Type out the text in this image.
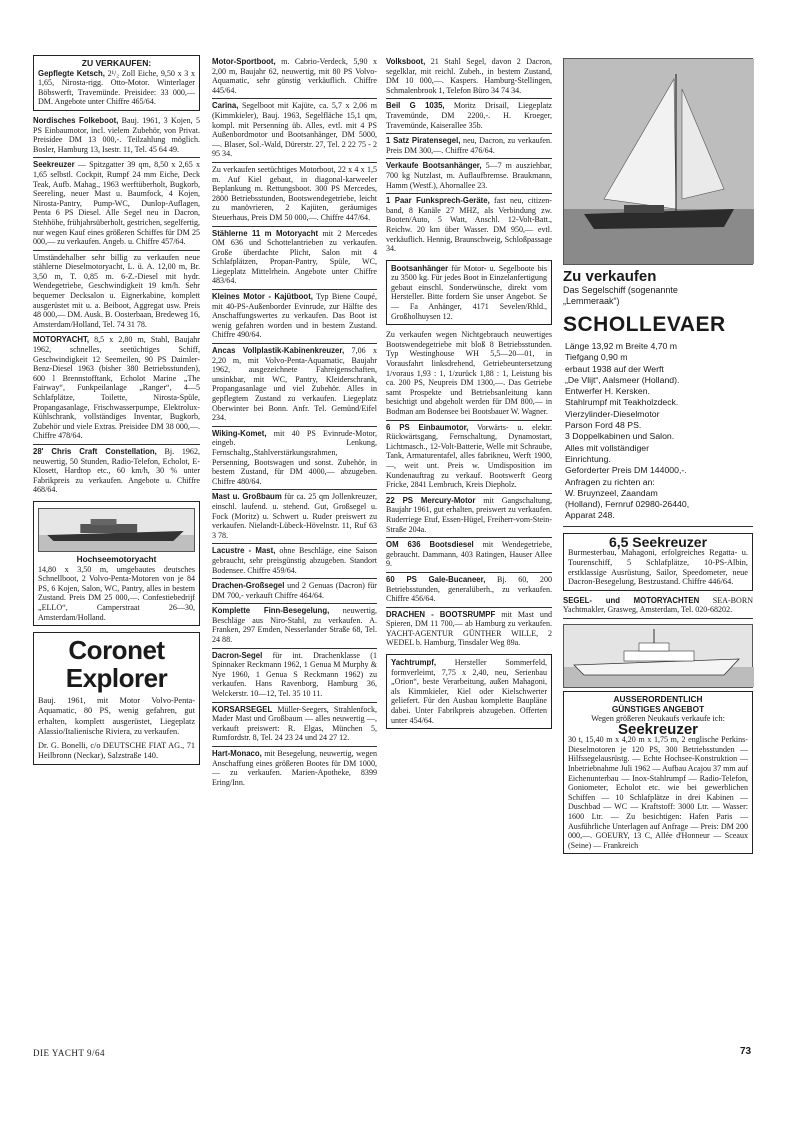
ZU VERKAUFEN:
Gepflegte Ketsch, 2¹/₂ Zoll Eiche, 9,50 x 3 x 1,65, Nirosta-rigg. Otto-Motor. Winterlager Böbswerft, Travemünde. Preisidee: 33 000,— DM. Angebote unter Chiffre 465/64.
Nordisches Folkeboot, Bauj. 1961, 3 Kojen, 5 PS Einbaumotor, incl. vielem Zubehör, von Privat. Preisidee DM 13 000,-. Teilzahlung möglich. Bosler, Hamburg 13, Isestr. 11, Tel. 45 64 49.
Seekreuzer — Spitzgatter 39 qm, 8,50 x 2,65 x 1,65 selbstl. Cockpit, Rumpf 24 mm Eiche, Deck Teak, Aufb. Mahag., 1963 werftüberholt, Bugkorb, Seereling, neuer Mast u. Baumfock, 4 Kojen, Nirosta-Pantry, Pump-WC, Dunlop-Auflagen, Penta 6 PS Diesel. Alle Segel neu in Dacron, Stehhöhe, frühjahrsüberholt, gestrichen, segelfertig, nur wegen Kauf eines größeren Schiffes für DM 25 000,— zu verkaufen. Angeb. u. Chiffre 457/64.
Umständehalber sehr billig zu verkaufen neue stählerne Dieselmotoryacht, L. ü. A. 12,00 m, Br. 3,50 m, T. 0,85 m. 6-Z.-Diesel mit hydr. Wendegetriebe, Geschwindigkeit 19 km/h. Sehr bequemer Decksalon u. Eignerkabine, komplett ausgerüstet mit u. a. Beiboot, Aggregat usw. Preis 48 000,— DM. Ausk. B. Oosterbaan, Bredeweg 16, Amsterdam/Holland, Tel. 74 31 78.
MOTORYACHT, 8,5 x 2,80 m, Stahl, Baujahr 1962, schnelles, seetüchtiges Schiff, Geschwindigkeit 12 Seemeilen, 90 PS Daimler-Benz-Diesel 1963 (bisher 380 Betriebsstunden), 600 l Brennstofftank, Echolot Marine „The Fairway“, Funkpeilanlage „Ranger“, 4—5 Schlafplätze, Toilette, Nirosta-Spüle, Propangasanlage, Frischwasserpumpe, Elektrolux-Kühlschrank, vollständiges Inventar, Bugkorb, Zubehör und viele Extras. Preisidee DM 38 000,—. Chiffre 478/64.
28' Chris Craft Constellation, Bj. 1962, neuwertig, 50 Stunden, Radio-Telefon, Echolot, E-Klosett, Hardtop etc., 60 km/h, 30 % unter Fabrikpreis zu verkaufen. Angebote u. Chiffre 468/64.
Hochseemotoryacht
14,80 x 3,50 m, umgebautes deutsches Schnellboot, 2 Volvo-Penta-Motoren von je 84 PS, 6 Kojen, Salon, WC, Pantry, alles in bestem Zustand. Preis DM 25 000,—. Confestiebedrijf „ELLO“, Camperstraat 26—30, Amsterdam/Holland.
Coronet
Explorer
Bauj. 1961, mit Motor Volvo-Penta-Aquamatic, 80 PS, wenig gefahren, gut erhalten, komplett ausgerüstet, Liegeplatz Alassio/Italienische Riviera, zu verkaufen.
Dr. G. Bonelli, c/o DEUTSCHE FIAT AG., 71 Heilbronn (Neckar), Salzstraße 140.
Motor-Sportboot, m. Cabrio-Verdeck, 5,90 x 2,00 m, Baujahr 62, neuwertig, mit 80 PS Volvo-Aquamatic, sehr günstig verkäuflich. Chiffre 445/64.
Carina, Segelboot mit Kajüte, ca. 5,7 x 2,06 m (Kimmkieler), Bauj. 1963, Segelfläche 15,1 qm, kompl. mit Persenning üb. Alles, evtl. mit 4 PS Außenbordmotor und Bootsanhänger, DM 5000,—. Blaser, Sol.-Wald, Dürerstr. 27, Tel. 2 22 75 - 2 95 34.
Zu verkaufen seetüchtiges Motorboot, 22 x 4 x 1,5 m. Auf Kiel gebaut, in diagonal-karweeler Beplankung m. Rettungsboot. 300 PS Mercedes, 2800 Betriebsstunden, Bootswendegetriebe, leicht zu manövrieren, 2 Kajüten, geräumiges Steuerhaus, Preis DM 50 000,—. Chiffre 447/64.
Stählerne 11 m Motoryacht mit 2 Mercedes OM 636 und Schottelantrieben zu verkaufen. Große überdachte Plicht, Salon mit 4 Schlafplätzen, Propan-Pantry, Spüle, WC, Liegeplatz Mittelrhein. Angebote unter Chiffre 483/64.
Kleines Motor - Kajütboot, Typ Biene Coupé, mit 40-PS-Außenborder Evinrude, zur Hälfte des Anschaffungswertes zu verkaufen. Das Boot ist wenig gefahren worden und in bestem Zustand. Chiffre 490/64.
Ancas Vollplastik-Kabinenkreuzer, 7,06 x 2,20 m, mit Volvo-Penta-Aquamatic, Baujahr 1962, ausgezeichnete Fahreigenschaften, unsinkbar, mit WC, Pantry, Kleiderschrank, Propangasanlage und viel Zubehör. Alles in gepflegtem Zustand zu verkaufen. Liegeplatz Oberwinter bei Bonn. Anfr. Tel. Gemünd/Eifel 234.
Wiking-Komet, mit 40 PS Evinrude-Motor, eingeb. Lenkung, Fernschaltg.,Stahlverstärkungsrahmen, Persenning, Bootswagen und sonst. Zubehör, in bestem Zustand, für DM 4000,— abzugeben. Chiffre 480/64.
Mast u. Großbaum für ca. 25 qm Jollenkreuzer, einschl. laufend. u. stehend. Gut, Großsegel u. Fock (Moritz) u. Schwert u. Ruder preiswert zu verkaufen. Nielandt-Lübeck-Hövelnstr. 11, Ruf 63 3 78.
Lacustre - Mast, ohne Beschläge, eine Saison gebraucht, sehr preisgünstig abzugeben. Standort Bodensee. Chiffre 459/64.
Drachen-Großsegel und 2 Genuas (Dacron) für DM 700,- verkauft Chiffre 464/64.
Komplette Finn-Besegelung, neuwertig, Beschläge aus Niro-Stahl, zu verkaufen. A. Franken, 297 Emden, Nesserlander Straße 68, Tel. 24 88.
Dacron-Segel für int. Drachenklasse (1 Spinnaker Reckmann 1962, 1 Genua M Murphy & Nye 1960, 1 Genua S Reckmann 1962) zu verkaufen. Hans Ravenborg, Hamburg 36, Welckerstr. 10—12, Tel. 35 10 11.
KORSARSEGEL Müller-Seegers, Strahlenfock, Mader Mast und Großbaum — alles neuwertig —, verkauft preiswert: R. Elgas, München 5, Rumfordstr. 8, Tel. 24 23 24 und 24 27 12.
Hart-Monaco, mit Besegelung, neuwertig, wegen Anschaffung eines größeren Bootes für DM 1000,— zu verkaufen. Marien-Apotheke, 8399 Ering/Inn.
Volksboot, 21 Stahl Segel, davon 2 Dacron, segelklar, mit reichl. Zubeh., in bestem Zustand, DM 10 000,—. Kaspers. Hamburg-Stellingen, Schmalenbrook 1, Telefon Büro 34 74 34.
Beil G 1035, Moritz Drisail, Liegeplatz Travemünde, DM 2200,-. H. Kroeger, Travemünde, Kaiserallee 35b.
1 Satz Piratensegel, neu, Dacron, zu verkaufen. Preis DM 300,—. Chiffre 476/64.
Verkaufe Bootsanhänger, 5—7 m ausziehbar, 700 kg Nutzlast, m. Auflaufbremse. Braukmann, Hamm (Westf.), Ahornallee 23.
1 Paar Funksprech-Geräte, fast neu, citizen-band, 8 Kanäle 27 MHZ, als Verbindung zw. Booten/Auto, 5 Watt, Anschl. 12-Volt-Batt., Reichw. 20 km über Wasser. DM 950,— evtl. verkäuflich. Hennig, Braunschweig, Schloßpassage 34.
Bootsanhänger für Motor- u. Segelboote bis zu 3500 kg. Für jedes Boot in Einzelanfertigung gebaut einschl. Sonderwünsche, direkt vom Hersteller. Bitte fordern Sie unser Angebot. Se — Fa Anhänger, 4171 Sevelen/Rhld., Großholhuysen 12.
Zu verkaufen wegen Nichtgebrauch neuwertiges Bootswendegetriebe mit bloß 8 Betriebsstunden. Typ Westinghouse WH 5,5—20—01, in Vorausfahrt linksdrehend, Getriebeuntersetzung 1/voraus 1,93 : 1, 1/zurück 1,88 : 1, Leistung bis ca. 200 PS, Neupreis DM 1300,—. Das Getriebe samt Prospekte und Betriebsanleitung kann besichtigt und abgeholt werden für DM 800,— in Bodman am Bodensee bei Bootsbauer W. Wagner.
6 PS Einbaumotor, Vorwärts- u. elektr. Rückwärtsgang, Fernschaltung, Dynamostart, Lichtmasch., 12-Volt-Batterie, Welle mit Schraube, Tank, Armaturentafel, alles fabrikneu, Werft 1900,—, weit unt. Preis w. Umdisposition im Kundenauftrag zu verkauf. Bootswerft Georg Fricke, 2841 Lembruch, Kreis Diepholz.
22 PS Mercury-Motor mit Gangschaltung, Baujahr 1961, gut erhalten, preiswert zu verkaufen. Ruderriege Etuf, Essen-Hügel, Freiherr-vom-Stein-Straße 204a.
OM 636 Bootsdiesel mit Wendegetriebe, gebraucht. Dammann, 403 Ratingen, Hauser Allee 9.
60 PS Gale-Bucaneer, Bj. 60, 200 Betriebsstunden, generalüberh., zu verkaufen. Chiffre 456/64.
DRACHEN - BOOTSRUMPF mit Mast und Spieren, DM 11 700,— ab Hamburg zu verkaufen. YACHT-AGENTUR GÜNTHER WILLE, 2 WEDEL b. Hamburg, Tinsdaler Weg 89a.
Yachtrumpf, Hersteller Sommerfeld, formverleimt, 7,75 x 2,40, neu, Serienbau „Orion“, beste Verarbeitung, außen Mahagoni, als Kimmkieler, Kiel oder Kielschwerter geliefert. Für den Ausbau komplette Baupläne dabei. Unter Fabrikpreis abzugeben. Offerten unter 454/64.
Zu verkaufen
Das Segelschiff (sogenannte
„Lemmeraak“)
SCHOLLEVAER
Länge 13,92 m Breite 4,70 m
Tiefgang 0,90 m
erbaut 1938 auf der Werft
„De Vlijt“, Aalsmeer (Holland).
Entwerfer H. Kersken.
Stahlrumpf mit Teakholzdeck.
Vierzylinder-Dieselmotor
Parson Ford 48 PS.
3 Doppelkabinen und Salon.
Alles mit vollständiger
Einrichtung.
Geforderter Preis DM 144000,-.
Anfragen zu richten an:
W. Bruynzeel, Zaandam
(Holland), Fernruf 02980-26440,
Apparat 248.
6,5 Seekreuzer
Burmesterbau, Mahagoni, erfolgreiches Regatta- u. Tourenschiff, 5 Schlafplätze, 10-PS-Albin, erstklassige Ausrüstung, Sailor, Speedometer, neue Dacron-Besegelung, Bestzustand. Chiffre 446/64.
SEGEL- und MOTORYACHTEN SEA-BORN Yachtmakler, Grasweg, Amsterdam, Tel. 020-68202.
AUSSERORDENTLICH
GÜNSTIGES ANGEBOT
Wegen größeren Neukaufs verkaufe ich:
Seekreuzer
30 t, 15,40 m x 4,20 m x 1,75 m, 2 englische Perkins-Dieselmotoren je 120 PS, 300 Betriebsstunden — Hilfssegelausrüstg. — Echte Hochsee-Konstruktion — Inbetriebnahme Juli 1962 — Aufbau Acajou 37 mm auf Eichenunterbau — Inox-Stahlrumpf — Radio-Telefon, Goniometer, Echolot etc. wie bei gewerblichen Schiffen — 10 Schlafplätze in drei Kabinen — Duschbad — WC — Kraftstoff: 3000 Ltr. — Wasser: 1600 Ltr. — Zu besichtigen: Hafen Paris — Ausführliche Unterlagen auf Anfrage — Preis: DM 200 000,—. GOEURY, 13 C, Allée d'Honneur — Sceaux (Seine) — Frankreich
DIE YACHT 9/64	73
